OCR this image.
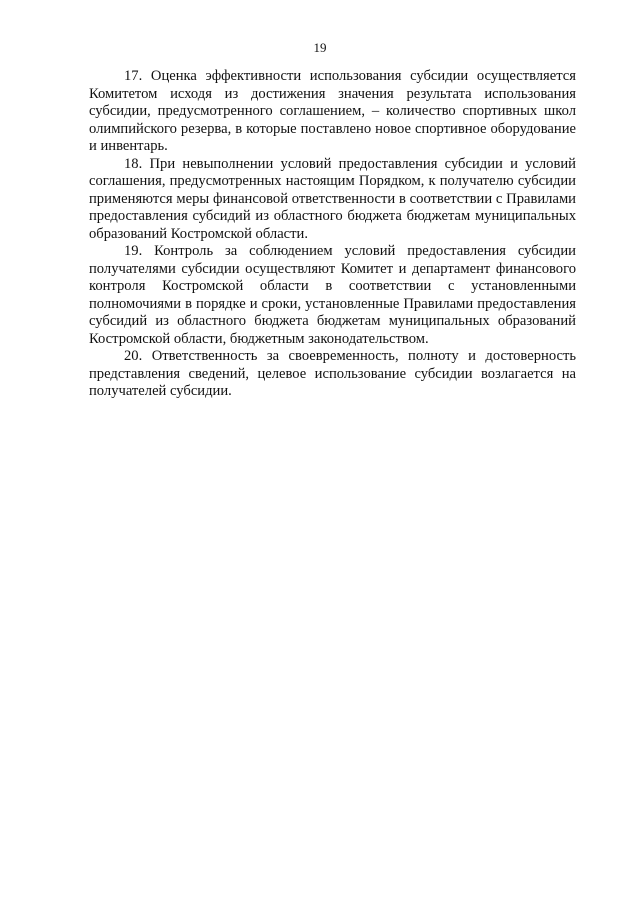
19

17. Оценка эффективности использования субсидии осуществляется Комитетом исходя из достижения значения результата использования субсидии, предусмотренного соглашением, – количество спортивных школ олимпийского резерва, в которые поставлено новое спортивное оборудование и инвентарь.

18. При невыполнении условий предоставления субсидии и условий соглашения, предусмотренных настоящим Порядком, к получателю субсидии применяются меры финансовой ответственности в соответствии с Правилами предоставления субсидий из областного бюджета бюджетам муниципальных образований Костромской области.

19. Контроль за соблюдением условий предоставления субсидии получателями субсидии осуществляют Комитет и департамент финансового контроля Костромской области в соответствии с установленными полномочиями в порядке и сроки, установленные Правилами предоставления субсидий из областного бюджета бюджетам муниципальных образований Костромской области, бюджетным законодательством.

20. Ответственность за своевременность, полноту и достоверность представления сведений, целевое использование субсидии возлагается на получателей субсидии.
